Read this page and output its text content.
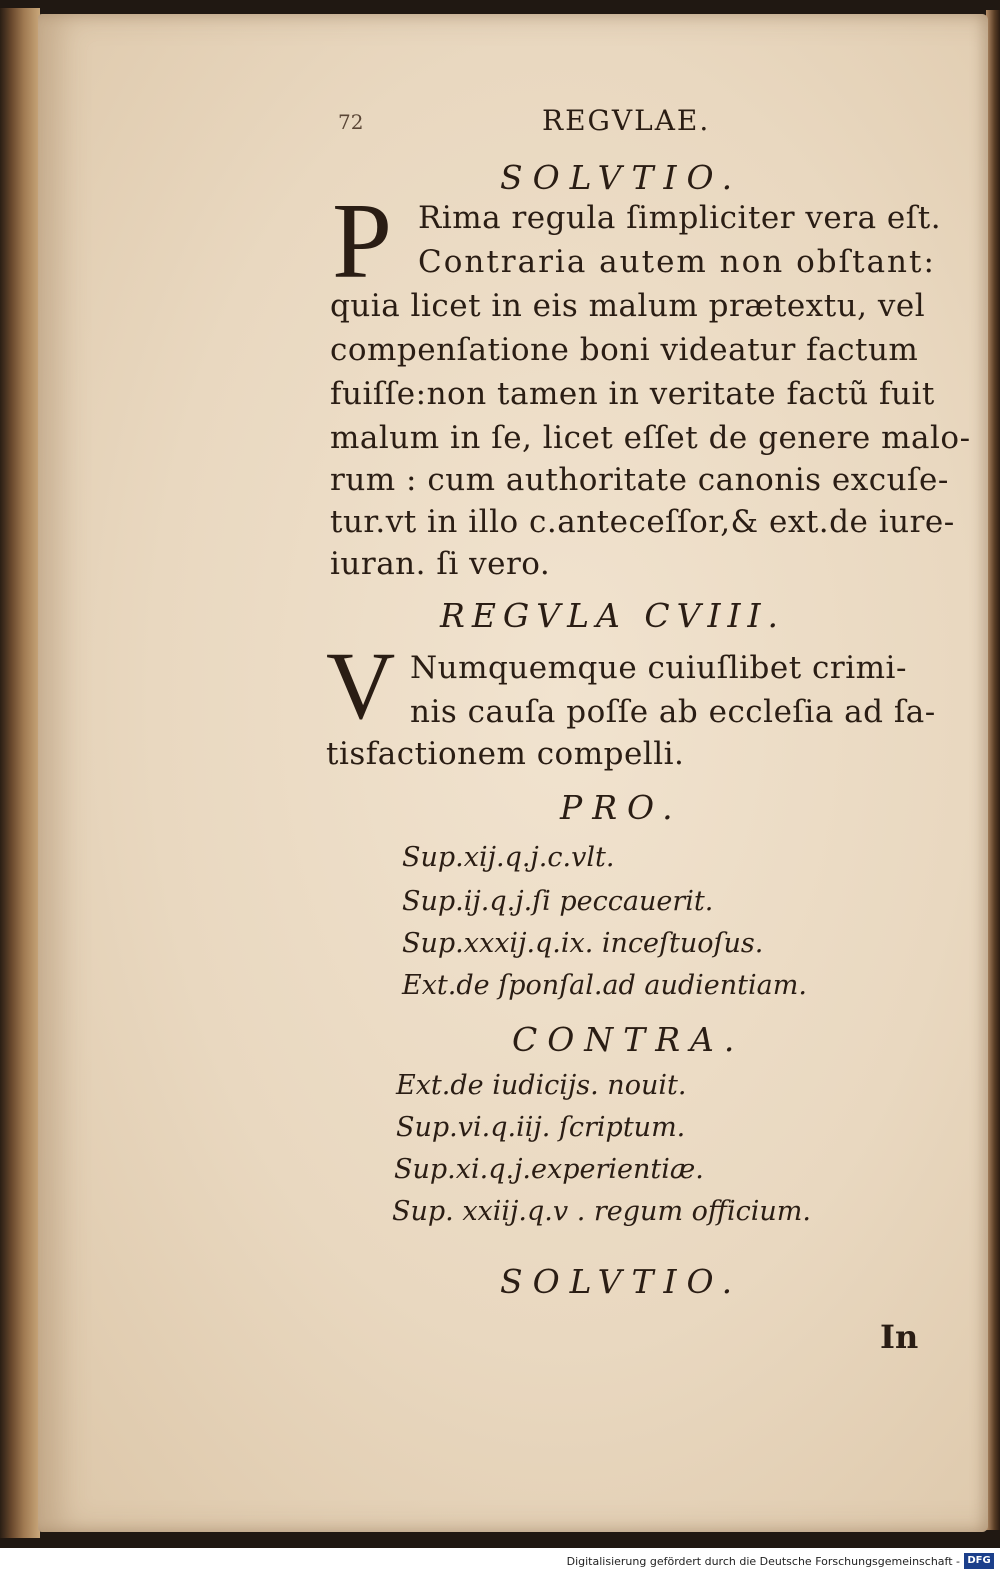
72	REGVLAE.
SOLVTIO.
P Rima regula ſimpliciter vera eſt.
Contraria autem non obſtant:
quia licet in eis malum prætextu, vel
compenſatione boni videatur factum
fuiſſe:non tamen in veritate factũ fuit
malum in ſe, licet eſſet de genere malo-
rum : cum authoritate canonis excuſe-
tur.vt in illo c.anteceſſor,& ext.de iure-
iuran. ſi vero.
REGVLA CVIII.
V Numquemque cuiuſlibet crimi-
nis cauſa poſſe ab eccleſia ad ſa-
tisfactionem compelli.
PRO.
Sup.xij.q.j.c.vlt.
Sup.ij.q.j.ſi peccauerit.
Sup.xxxij.q.ix. inceſtuoſus.
Ext.de ſponſal.ad audientiam.
CONTRA.
Ext.de iudicijs. nouit.
Sup.vi.q.iij. ſcriptum.
Sup.xi.q.j.experientiæ.
Sup. xxiij.q.v . regum officium.
SOLVTIO.
In
Digitalisierung gefördert durch die Deutsche Forschungsgemeinschaft - DFG
